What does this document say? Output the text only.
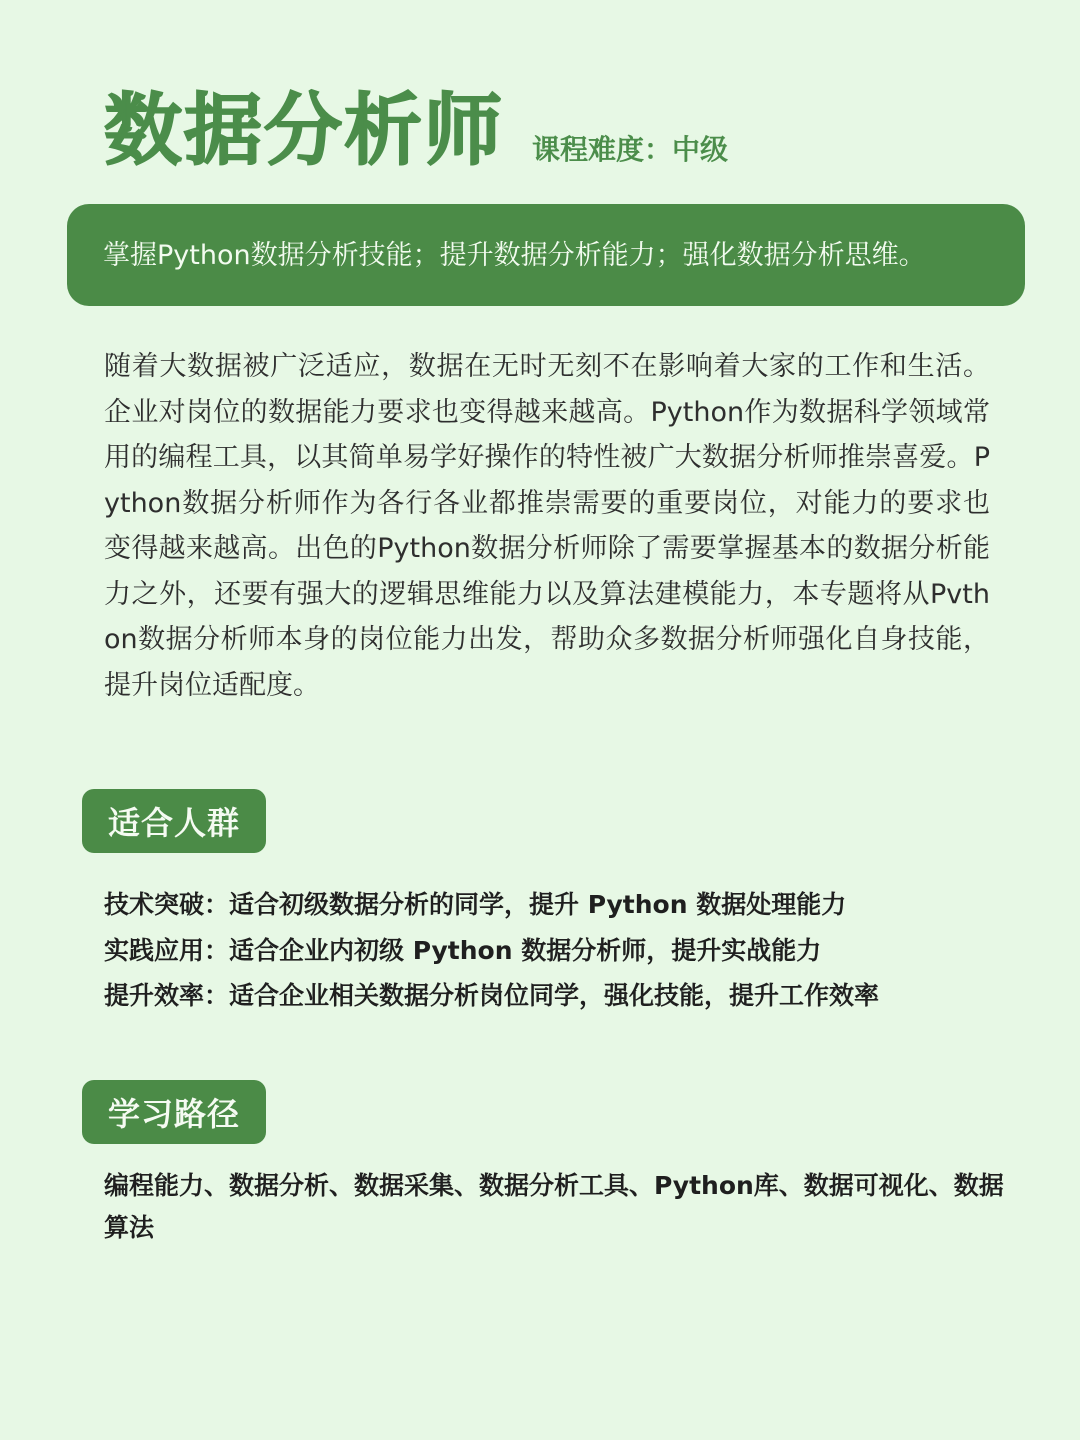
数据分析师 课程难度：中级
掌握Python数据分析技能；提升数据分析能力；强化数据分析思维。

随着大数据被广泛适应，数据在无时无刻不在影响着大家的工作和生活。企业对岗位的数据能力要求也变得越来越高。Python作为数据科学领域常用的编程工具，以其简单易学好操作的特性被广大数据分析师推崇喜爱。Python数据分析师作为各行各业都推崇需要的重要岗位，对能力的要求也变得越来越高。出色的Python数据分析师除了需要掌握基本的数据分析能力之外，还要有强大的逻辑思维能力以及算法建模能力，本专题将从Pvthon数据分析师本身的岗位能力出发，帮助众多数据分析师强化自身技能，提升岗位适配度。

适合人群
技术突破：适合初级数据分析的同学，提升 Python 数据处理能力
实践应用：适合企业内初级 Python 数据分析师，提升实战能力
提升效率：适合企业相关数据分析岗位同学，强化技能，提升工作效率
学习路径

编程能力、数据分析、数据采集、数据分析工具、Python库、数据可视化、数据算法
